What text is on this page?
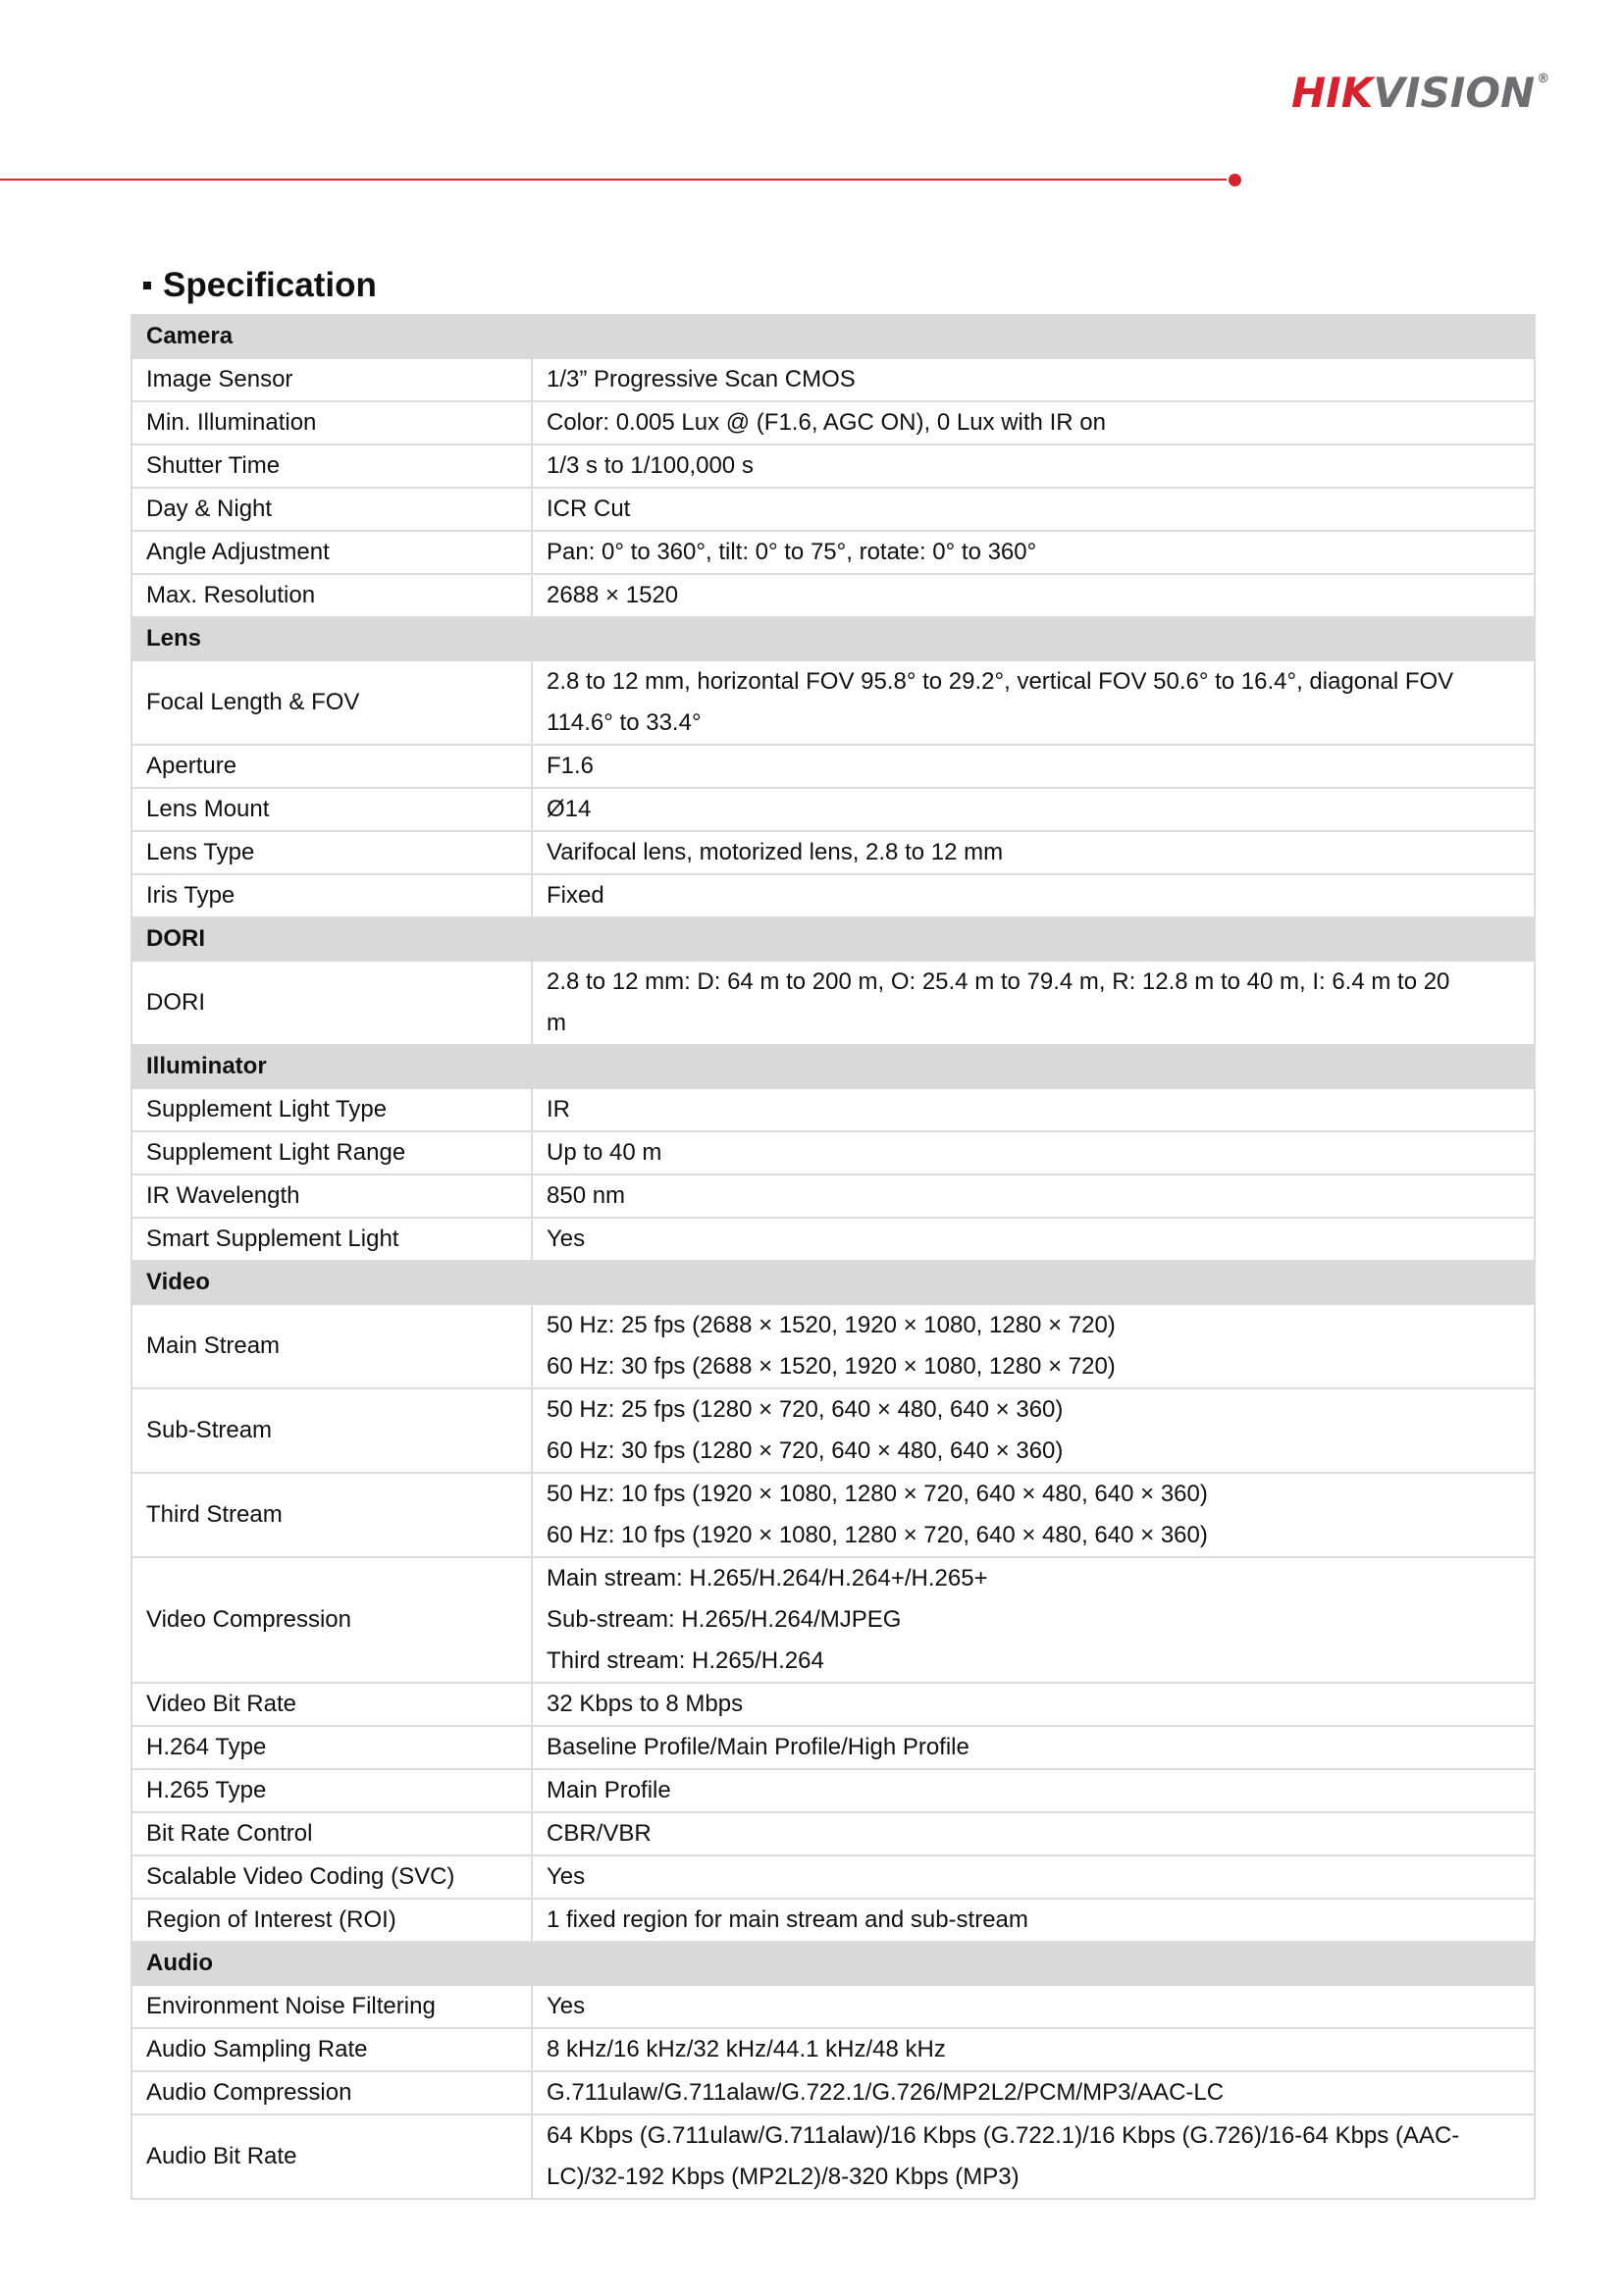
HIKVISION ®
Specification
Camera	
Image Sensor	1/3” Progressive Scan CMOS

Min. Illumination	Color: 0.005 Lux @ (F1.6, AGC ON), 0 Lux with IR on

Shutter Time	1/3 s to 1/100,000 s

Day & Night	ICR Cut

Angle Adjustment	Pan: 0° to 360°, tilt: 0° to 75°, rotate: 0° to 360°

Max. Resolution	2688 × 1520

Lens	
Focal Length & FOV	2.8 to 12 mm, horizontal FOV 95.8° to 29.2°, vertical FOV 50.6° to 16.4°, diagonal FOV
114.6° to 33.4°

Aperture	F1.6

Lens Mount	Ø14

Lens Type	Varifocal lens, motorized lens, 2.8 to 12 mm

Iris Type	Fixed

DORI	
DORI	2.8 to 12 mm: D: 64 m to 200 m, O: 25.4 m to 79.4 m, R: 12.8 m to 40 m, I: 6.4 m to 20
m

Illuminator	
Supplement Light Type	IR

Supplement Light Range	Up to 40 m

IR Wavelength	850 nm

Smart Supplement Light	Yes

Video	
Main Stream	50 Hz: 25 fps (2688 × 1520, 1920 × 1080, 1280 × 720)
60 Hz: 30 fps (2688 × 1520, 1920 × 1080, 1280 × 720)

Sub-Stream	50 Hz: 25 fps (1280 × 720, 640 × 480, 640 × 360)
60 Hz: 30 fps (1280 × 720, 640 × 480, 640 × 360)

Third Stream	50 Hz: 10 fps (1920 × 1080, 1280 × 720, 640 × 480, 640 × 360)
60 Hz: 10 fps (1920 × 1080, 1280 × 720, 640 × 480, 640 × 360)

Video Compression	Main stream: H.265/H.264/H.264+/H.265+
Sub-stream: H.265/H.264/MJPEG
Third stream: H.265/H.264

Video Bit Rate	32 Kbps to 8 Mbps

H.264 Type	Baseline Profile/Main Profile/High Profile

H.265 Type	Main Profile

Bit Rate Control	CBR/VBR

Scalable Video Coding (SVC)	Yes

Region of Interest (ROI)	1 fixed region for main stream and sub-stream

Audio	
Environment Noise Filtering	Yes

Audio Sampling Rate	8 kHz/16 kHz/32 kHz/44.1 kHz/48 kHz

Audio Compression	G.711ulaw/G.711alaw/G.722.1/G.726/MP2L2/PCM/MP3/AAC-LC

Audio Bit Rate	64 Kbps (G.711ulaw/G.711alaw)/16 Kbps (G.722.1)/16 Kbps (G.726)/16-64 Kbps (AAC-
LC)/32-192 Kbps (MP2L2)/8-320 Kbps (MP3)
